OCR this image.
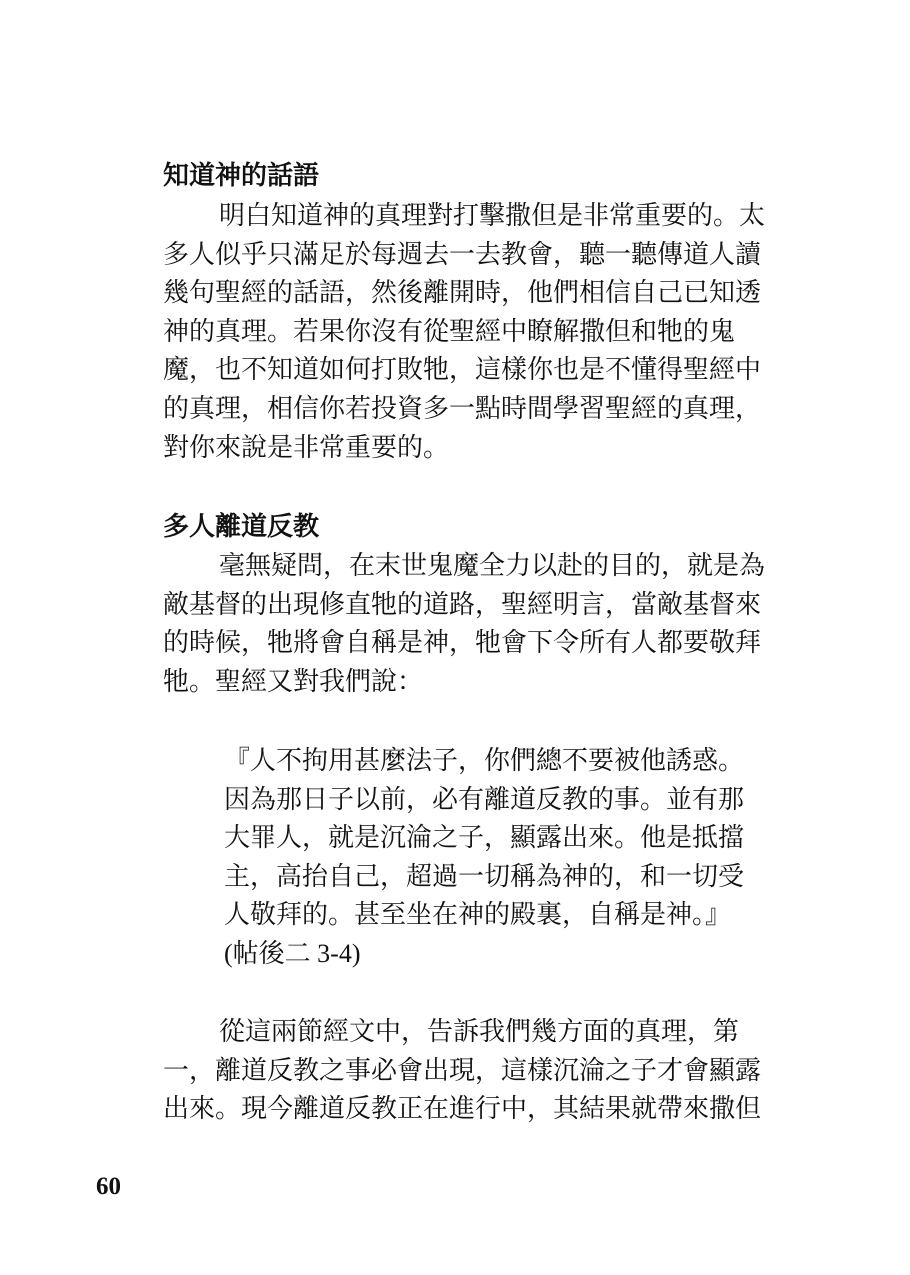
知道神的話語

明白知道神的真理對打擊撒但是非常重要的。太
多人似乎只滿足於每週去一去教會，聽一聽傳道人讀
幾句聖經的話語，然後離開時，他們相信自己已知透
神的真理。若果你沒有從聖經中瞭解撒但和牠的鬼
魔，也不知道如何打敗牠，這樣你也是不懂得聖經中
的真理，相信你若投資多一點時間學習聖經的真理，
對你來說是非常重要的。

多人離道反教

毫無疑問，在末世鬼魔全力以赴的目的，就是為
敵基督的出現修直牠的道路，聖經明言，當敵基督來
的時候，牠將會自稱是神，牠會下令所有人都要敬拜
牠。聖經又對我們說：

『人不拘用甚麼法子，你們總不要被他誘惑。
因為那日子以前，必有離道反教的事。並有那
大罪人，就是沉淪之子，顯露出來。他是抵擋
主，高抬自己，超過一切稱為神的，和一切受
人敬拜的。甚至坐在神的殿裏，自稱是神。』
(帖後二 3-4)

從這兩節經文中，告訴我們幾方面的真理，第
一，離道反教之事必會出現，這樣沉淪之子才會顯露
出來。現今離道反教正在進行中，其結果就帶來撒但

60
